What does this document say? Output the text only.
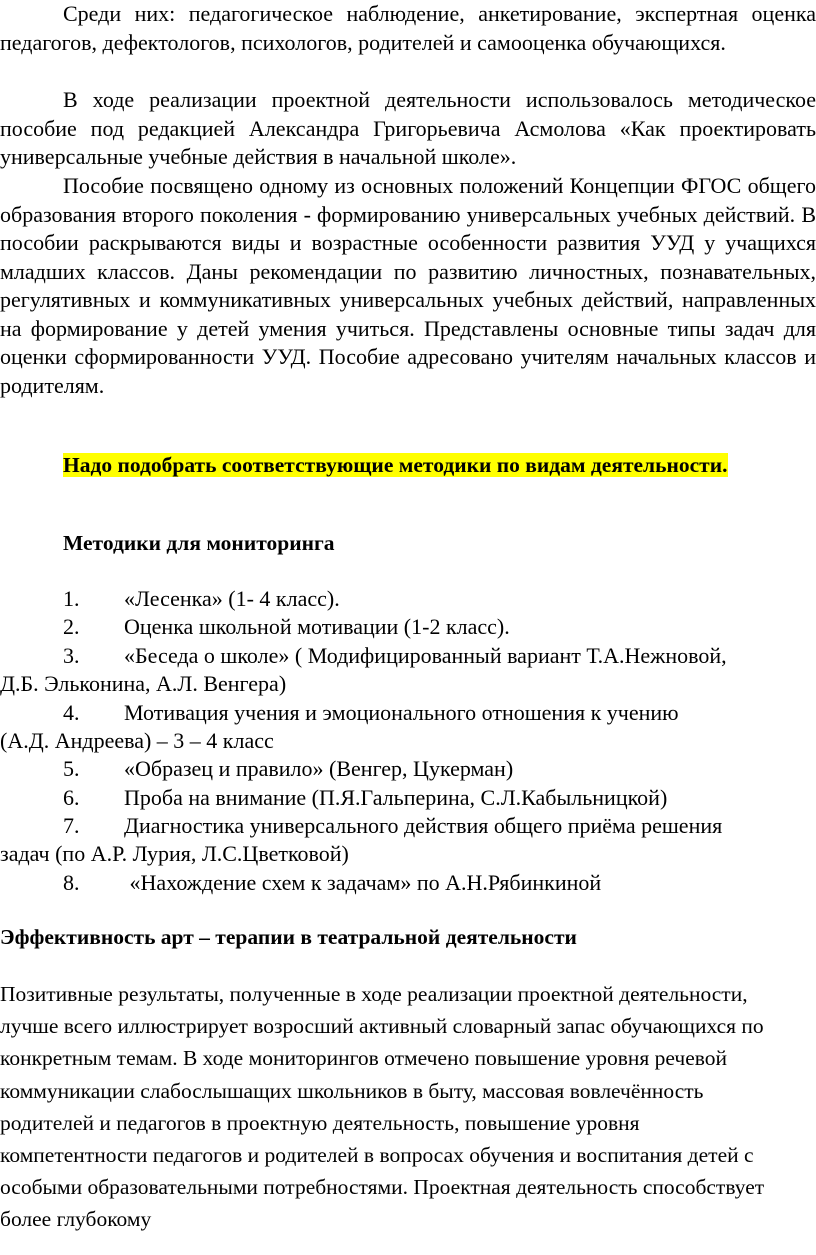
Среди них: педагогическое наблюдение, анкетирование, экспертная оценка педагогов, дефектологов, психологов, родителей и самооценка обучающихся.

В ходе реализации проектной деятельности использовалось методическое пособие под редакцией Александра Григорьевича Асмолова «Как проектировать универсальные учебные действия в начальной школе».

Пособие посвящено одному из основных положений Концепции ФГОС общего образования второго поколения - формированию универсальных учебных действий. В пособии раскрываются виды и возрастные особенности развития УУД у учащихся младших классов. Даны рекомендации по развитию личностных, познавательных, регулятивных и коммуникативных универсальных учебных действий, направленных на формирование у детей умения учиться. Представлены основные типы задач для оценки сформированности УУД. Пособие адресовано учителям начальных классов и родителям.

Надо подобрать соответствующие методики по видам деятельности.

Методики для мониторинга

1. «Лесенка» (1- 4 класс).
2. Оценка школьной мотивации (1-2 класс).
3. «Беседа о школе» ( Модифицированный вариант Т.А.Нежновой,
Д.Б. Эльконина, А.Л. Венгера)
4. Мотивация учения и эмоционального отношения к учению
(А.Д. Андреева) – 3 – 4 класс
5. «Образец и правило» (Венгер, Цукерман)
6. Проба на внимание (П.Я.Гальперина, С.Л.Кабыльницкой)
7. Диагностика универсального действия общего приёма решения
задач (по А.Р. Лурия, Л.С.Цветковой)
8. «Нахождение схем к задачам» по А.Н.Рябинкиной

Эффективность арт – терапии в театральной деятельности

Позитивные результаты, полученные в ходе реализации проектной деятельности, лучше всего иллюстрирует возросший активный словарный запас обучающихся по конкретным темам. В ходе мониторингов отмечено повышение уровня речевой коммуникации слабослышащих школьников в быту, массовая вовлечённость родителей и педагогов в проектную деятельность, повышение уровня компетентности педагогов и родителей в вопросах обучения и воспитания детей с особыми образовательными потребностями. Проектная деятельность способствует более глубокому
